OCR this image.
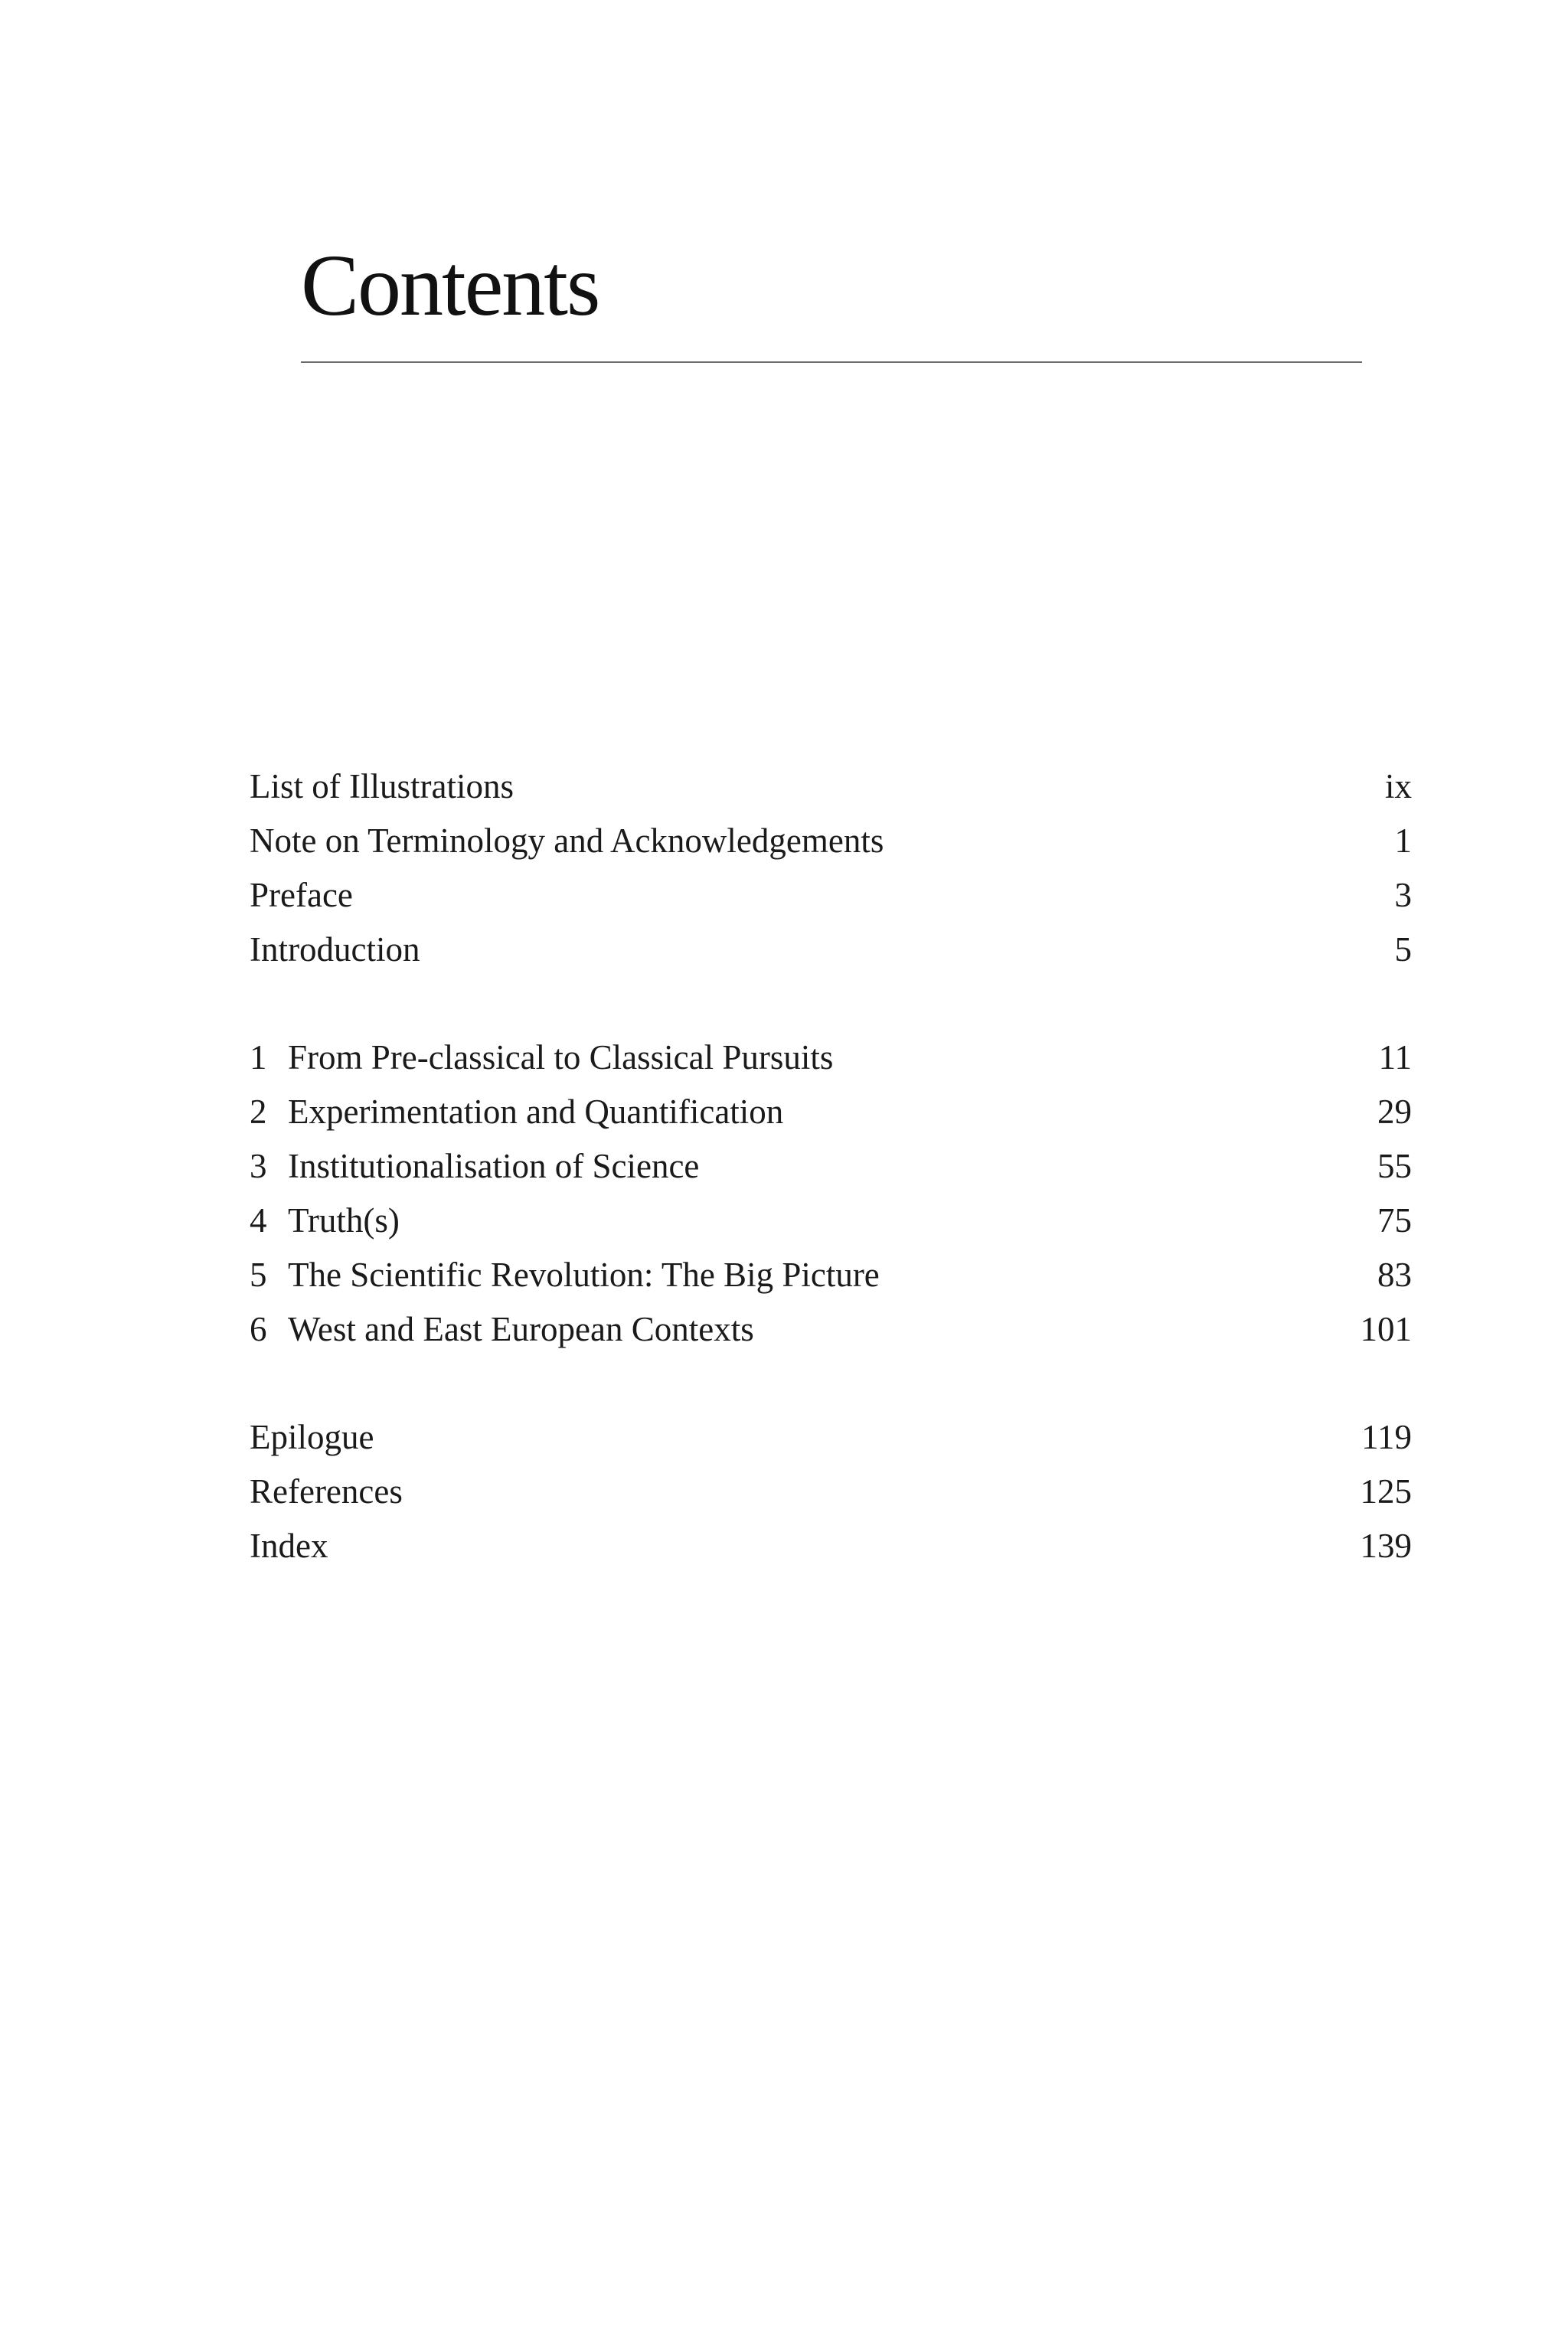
Contents
List of Illustrations	ix
Note on Terminology and Acknowledgements	1
Preface	3
Introduction	5
1 From Pre-classical to Classical Pursuits	11
2 Experimentation and Quantification	29
3 Institutionalisation of Science	55
4 Truth(s)	75
5 The Scientific Revolution: The Big Picture	83
6 West and East European Contexts	101
Epilogue	119
References	125
Index	139
